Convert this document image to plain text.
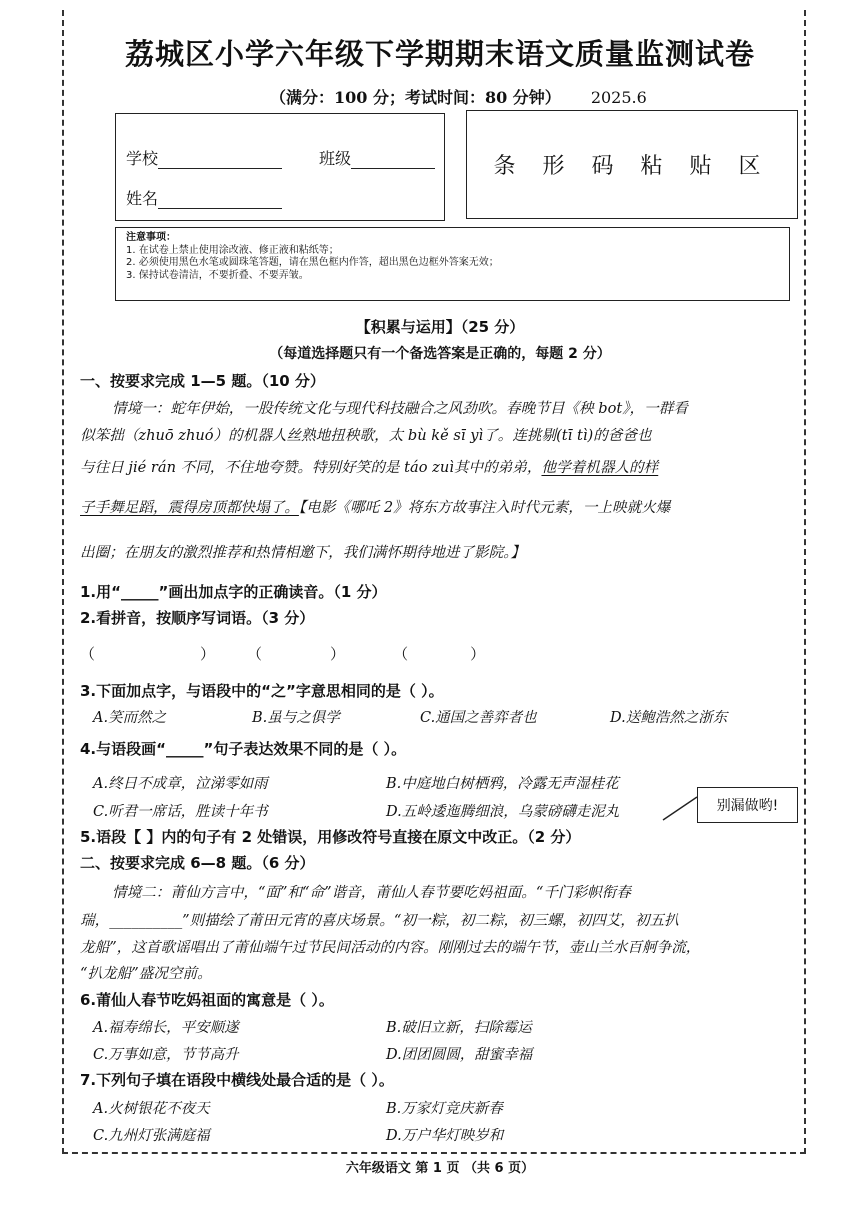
荔城区小学六年级下学期期末语文质量监测试卷
（满分：100 分；考试时间：80 分钟） 2025.6
学校	班级
姓名
条 形 码 粘 贴 区
注意事项：
1. 在试卷上禁止使用涂改液、修正液和粘纸等；
2. 必须使用黑色水笔或圆珠笔答题，请在黑色框内作答，超出黑色边框外答案无效；
3. 保持试卷清洁，不要折叠、不要弄皱。
【积累与运用】（25 分）
（每道选择题只有一个备选答案是正确的，每题 2 分）
一、按要求完成 1—5 题。（10 分）
情境一：蛇年伊始，一股传统文化与现代科技融合之风劲吹。春晚节目《秧 bot》，一群看
似笨拙（zhuō zhuó）的机器人丝熟地扭秧歌，太 bù kě sī yì了。连挑剔(tī tì)的爸爸也
与往日 jié rán 不同，不住地夸赞。特别好笑的是 táo zuì其中的弟弟，他学着机器人的样
子手舞足蹈，震得房顶都快塌了。【电影《哪吒 2》将东方故事注入时代元素，一上映就火爆
出圈；在朋友的激烈推荐和热情相邀下，我们满怀期待地进了影院。】
1.用“_____”画出加点字的正确读音。（1 分）
2.看拼音，按顺序写词语。（3 分）
（	） （	）	（	）
3.下面加点字，与语段中的“之”字意思相同的是（ ）。
A.笑而然之	B.虽与之俱学	C.通国之善弈者也	D.送鲍浩然之浙东
4.与语段画“_____”句子表达效果不同的是（ ）。
A.终日不成章，泣涕零如雨	B.中庭地白树栖鸦，冷露无声湿桂花
C.听君一席话，胜读十年书	D.五岭逶迤腾细浪，乌蒙磅礴走泥丸	别漏做哟!
5.语段【 】内的句子有 2 处错误，用修改符号直接在原文中改正。（2 分）
二、按要求完成 6—8 题。（6 分）
情境二：莆仙方言中，“面”和“命”谐音，莆仙人春节要吃妈祖面。“千门彩帜衔春
瑞，__________”则描绘了莆田元宵的喜庆场景。“初一粽，初二粽，初三螺，初四艾，初五扒
龙船”，这首歌谣唱出了莆仙端午过节民间活动的内容。刚刚过去的端午节，壶山兰水百舸争流，
“扒龙船”盛况空前。
6.莆仙人春节吃妈祖面的寓意是（ ）。
A.福寿绵长，平安顺遂	B.破旧立新，扫除霉运
C.万事如意，节节高升	D.团团圆圆，甜蜜幸福
7.下列句子填在语段中横线处最合适的是（ ）。
A.火树银花不夜天	B.万家灯竞庆新春
C.九州灯张满庭福	D.万户华灯映岁和
六年级语文 第 1 页 （共 6 页）
